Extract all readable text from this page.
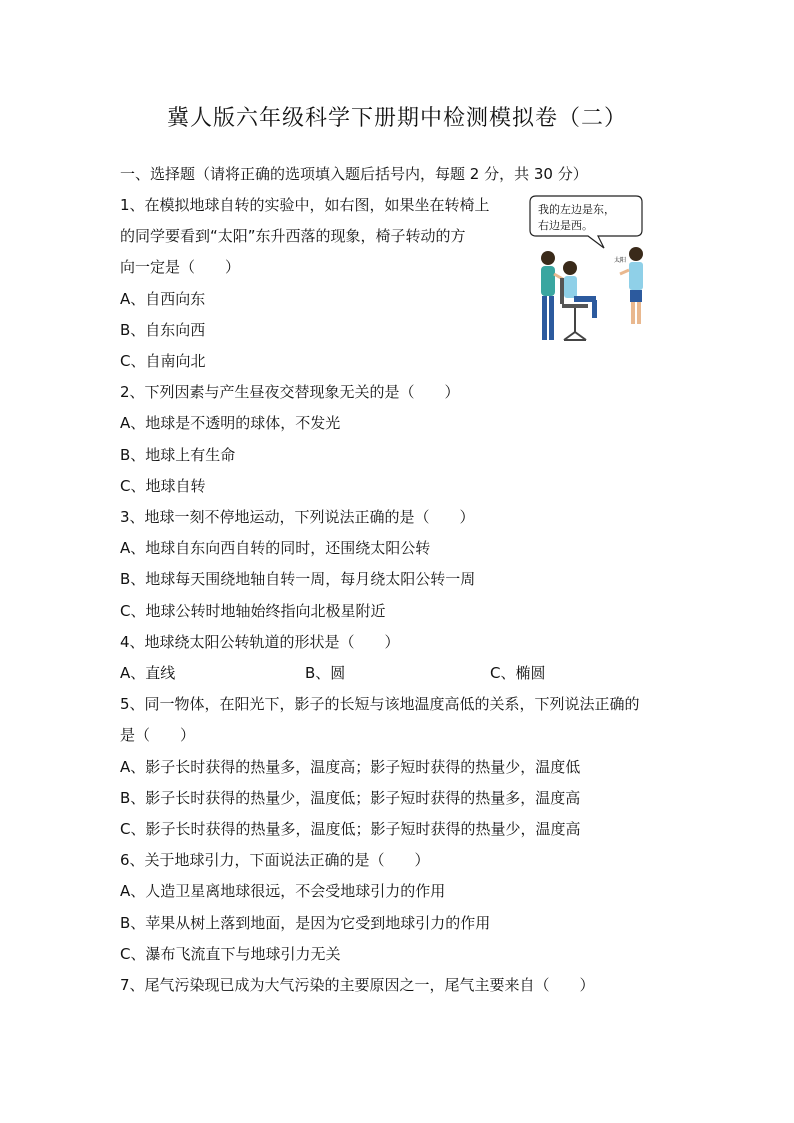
冀人版六年级科学下册期中检测模拟卷（二）
一、选择题（请将正确的选项填入题后括号内，每题 2 分，共 30 分）
1、在模拟地球自转的实验中，如右图，如果坐在转椅上
的同学要看到“太阳”东升西落的现象，椅子转动的方
向一定是（　　）
A、自西向东
B、自东向西
C、自南向北
我的左边是东，
右边是西。
太阳
2、下列因素与产生昼夜交替现象无关的是（　　）
A、地球是不透明的球体，不发光
B、地球上有生命
C、地球自转
3、地球一刻不停地运动，下列说法正确的是（　　）
A、地球自东向西自转的同时，还围绕太阳公转
B、地球每天围绕地轴自转一周，每月绕太阳公转一周
C、地球公转时地轴始终指向北极星附近
4、地球绕太阳公转轨道的形状是（　　）
A、直线	B、圆	C、椭圆
5、同一物体，在阳光下，影子的长短与该地温度高低的关系，下列说法正确的
是（　　）
A、影子长时获得的热量多，温度高；影子短时获得的热量少，温度低
B、影子长时获得的热量少，温度低；影子短时获得的热量多，温度高
C、影子长时获得的热量多，温度低；影子短时获得的热量少，温度高
6、关于地球引力，下面说法正确的是（　　）
A、人造卫星离地球很远，不会受地球引力的作用
B、苹果从树上落到地面，是因为它受到地球引力的作用
C、瀑布飞流直下与地球引力无关
7、尾气污染现已成为大气污染的主要原因之一，尾气主要来自（　　）
